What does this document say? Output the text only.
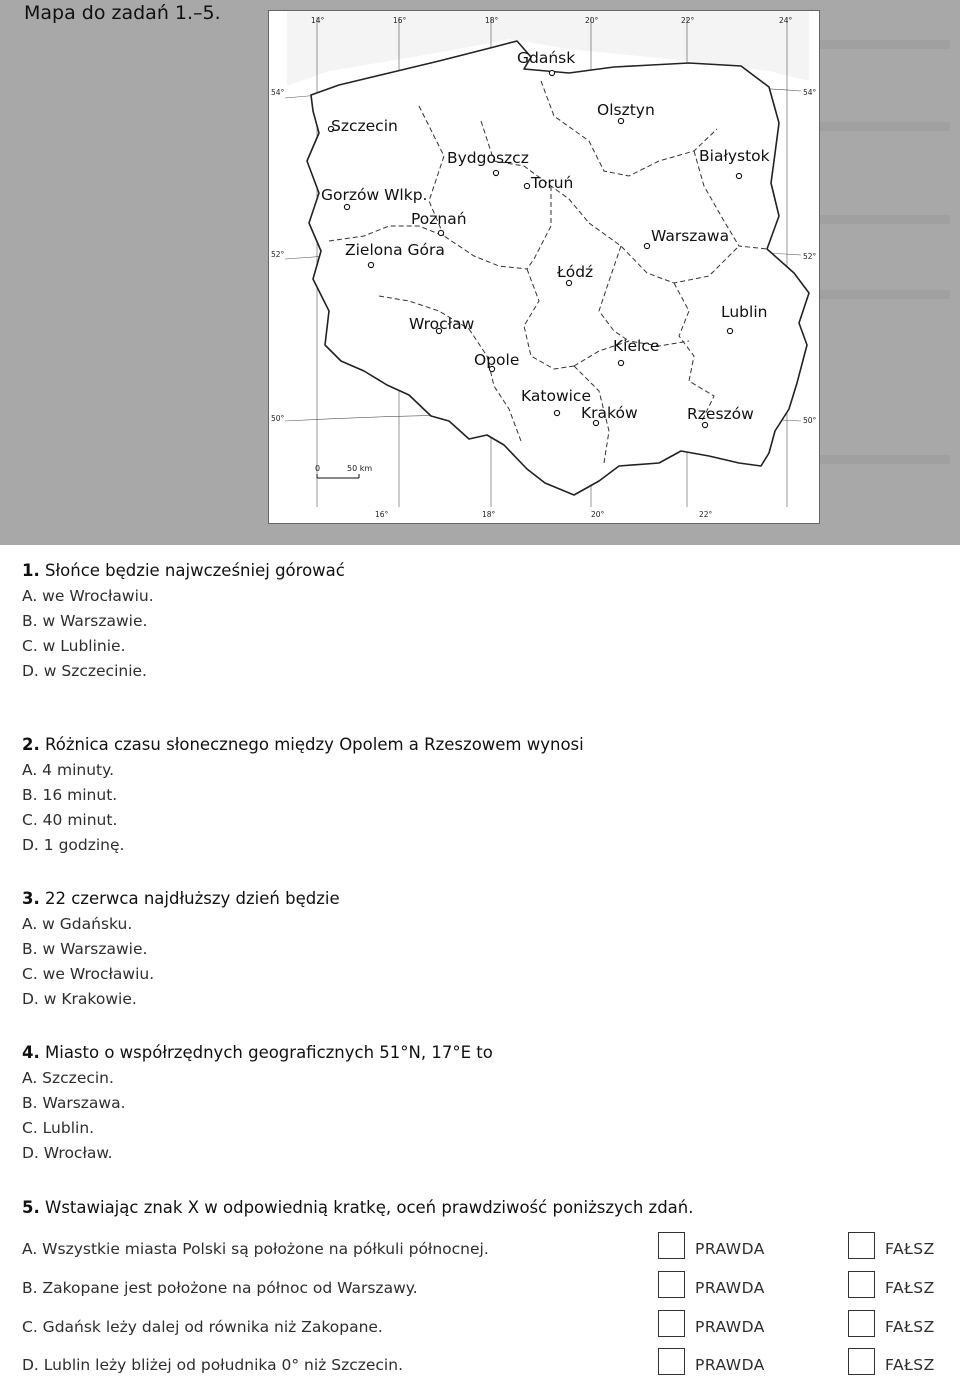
Mapa do zadań 1.–5.
Gdańsk
Olsztyn
Szczecin
Bydgoszcz	Białystok
Gorzów Wlkp.
Toruń
Poznań
Warszawa
Zielona Góra
Łódź
Lublin
Wrocław
Kielce
Opole
Katowice
Kraków	Rzeszów
14°	16°	18°	20°	22°	24°
16°	18°	20°	22°
54°
52°
50°
54°
52°
50°
0	50 km
1. Słońce będzie najwcześniej górować
A. we Wrocławiu.
B. w Warszawie.
C. w Lublinie.
D. w Szczecinie.
2. Różnica czasu słonecznego między Opolem a Rzeszowem wynosi
A. 4 minuty.
B. 16 minut.
C. 40 minut.
D. 1 godzinę.
3. 22 czerwca najdłuższy dzień będzie
A. w Gdańsku.
B. w Warszawie.
C. we Wrocławiu.
D. w Krakowie.
4. Miasto o współrzędnych geograficznych 51°N, 17°E to
A. Szczecin.
B. Warszawa.
C. Lublin.
D. Wrocław.
5. Wstawiając znak X w odpowiednią kratkę, oceń prawdziwość poniższych zdań.
A. Wszystkie miasta Polski są położone na półkuli północnej.	PRAWDA	FAŁSZ
B. Zakopane jest położone na północ od Warszawy.	PRAWDA	FAŁSZ
C. Gdańsk leży dalej od równika niż Zakopane.	PRAWDA	FAŁSZ
D. Lublin leży bliżej od południka 0° niż Szczecin.	PRAWDA	FAŁSZ
